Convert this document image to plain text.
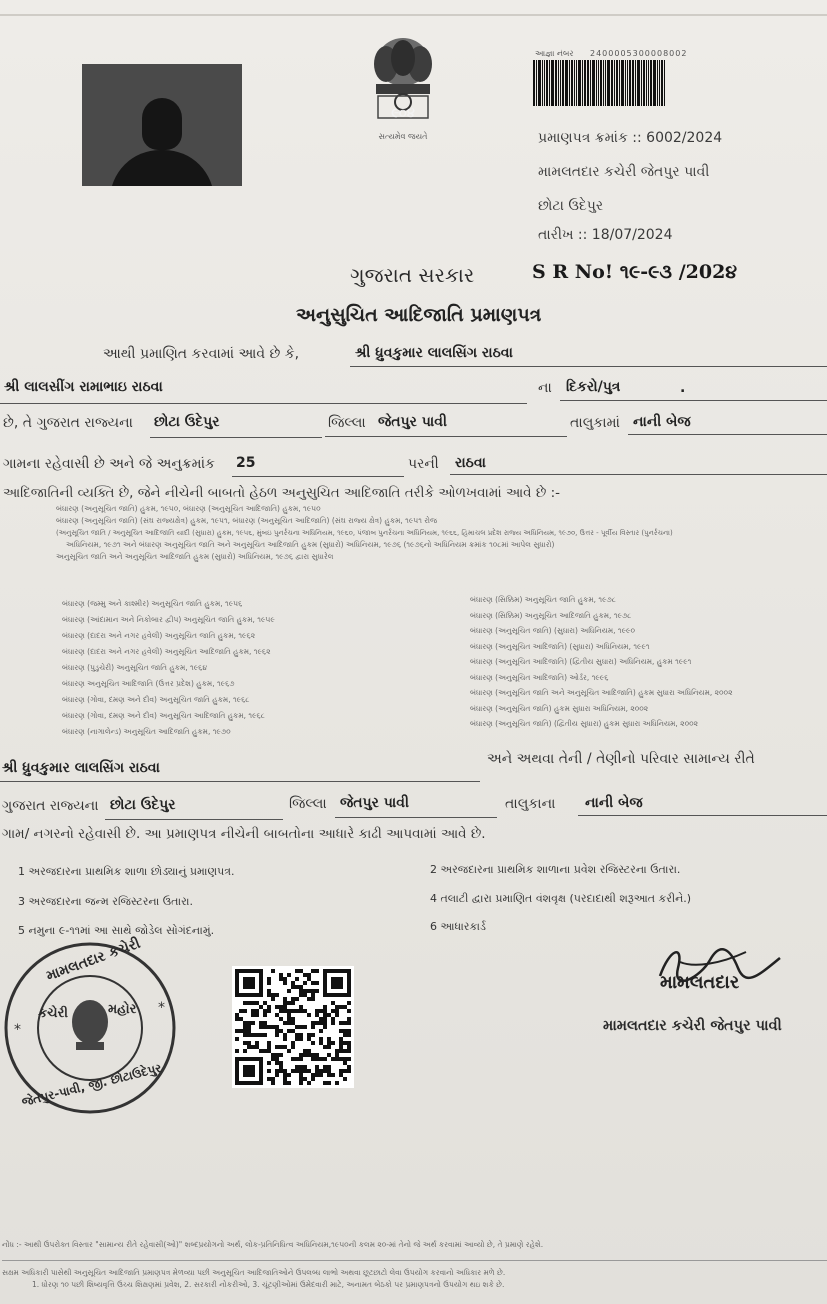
૯૦૪
સત્યમેવ જયતે
આજ્ઞા નંબર 2400005300008002
પ્રમાણપત્ર ક્રમાંક :: 6002/2024
મામલતદાર કચેરી જેતપુર પાવી
છોટા ઉદેપુર
તારીખ :: 18/07/2024
ગુજરાત સરકાર	S R No! ૧૯-૯૩ /202૪
અનુસુચિત આદિજાતિ પ્રમાણપત્ર
આથી પ્રમાણિત કરવામાં આવે છે કે,	શ્રી ધ્રુવકુમાર લાલસિંગ રાઠવા
શ્રી લાલસીંગ રામાભાઇ રાઠવા	ના દિકરો/પુત્ર	.
છે, તે ગુજરાત રાજ્યના છોટા ઉદેપુર	જિલ્લા જેતપુર પાવી	તાલુકામાં નાની બેજ
ગામના રહેવાસી છે અને જે અનુક્રમાંક 25	પરની રાઠવા
આદિજાતિની વ્યક્તિ છે, જેને નીચેની બાબતો હેઠળ અનુસુચિત આદિજાતિ તરીકે ઓળખવામાં આવે છે :-
બંધારણ (અનુસૂચિત જાતિ) હુકમ, ૧૯૫૦, બંધારણ (અનુસૂચિત આદિજાતિ) હુકમ, ૧૯૫૦
બંધારણ (અનુસૂચિત જાતિ) (સંઘ રાજ્યક્ષેત્ર) હુકમ, ૧૯૫૧, બંધારણ (અનુસૂચિત આદિજાતિ) (સંઘ રાજ્ય ક્ષેત્ર) હુકમ, ૧૯૫૧ રોજ
(અનુસૂચિત જાતિ / અનુસૂચિત આદિજાતિ યાદી (સુધારા) હુકમ, ૧૯૫૬, મુંબઇ પુનર્રચના અધિનિયમ, ૧૯૬૦, પંજાબ પુનર્રચના અધિનિયમ, ૧૯૬૬, હિમાચલ પ્રદેશ રાજ્ય અધિનિયમ, ૧૯૭૦, ઉત્તર - પૂર્વીય વિસ્તાર (પુનર્રચના)
અધિનિયમ, ૧૯૭૧ અને બંધારણ અનુસૂચિત જાતિ અને અનુસૂચિત આદિજાતિ હુકમ (સુધારો) અધિનિયમ, ૧૯૭૬ (૧૯૭૬નો અધિનિયમ ક્રમાંક ૧૦૮માં આપેલ સુધારો)
અનુસૂચિત જાતિ અને અનુસૂચિત આદિજાતિ હુકમ (સુધારો) અધિનિયમ, ૧૯૭૬ દ્વારા સુધારેલ
બંધારણ (જમ્મુ અને કાશ્મીર) અનુસૂચિત જાતિ હુકમ, ૧૯૫૬
બંધારણ (આંદામાન અને નિકોબાર દ્વીપ) અનુસૂચિત જાતિ હુકમ, ૧૯૫૯
બંધારણ (દાદરા અને નગર હવેલી) અનુસૂચિત જાતિ હુકમ, ૧૯૬૨
બંધારણ (દાદરા અને નગર હવેલી) અનુસૂચિત આદિજાતિ હુકમ, ૧૯૬૨
બંધારણ (પુડુચેરી) અનુસૂચિત જાતિ હુકમ, ૧૯૬૪
બંધારણ અનુસૂચિત આદિજાતિ (ઉત્તર પ્રદેશ) હુકમ, ૧૯૬૭
બંધારણ (ગોવા, દમણ અને દીવ) અનુસૂચિત જાતિ હુકમ, ૧૯૬૮
બંધારણ (ગોવા, દમણ અને દીવ) અનુસૂચિત આદિજાતિ હુકમ, ૧૯૬૮
બંધારણ (નાગાલેન્ડ) અનુસૂચિત આદિજાતિ હુકમ, ૧૯૭૦
બંધારણ (સિક્કિમ) અનુસૂચિત જાતિ હુકમ, ૧૯૭૮
બંધારણ (સિક્કિમ) અનુસૂચિત આદિજાતિ હુકમ, ૧૯૭૮
બંધારણ (અનુસૂચિત જાતિ) (સુધારા) અધિનિયમ, ૧૯૯૦
બંધારણ (અનુસૂચિત આદિજાતિ) (સુધારા) અધિનિયમ, ૧૯૯૧
બંધારણ (અનુસૂચિત આદિજાતિ) (દ્વિતીય સુધારા) અધિનિયમ, હુકમ ૧૯૯૧
બંધારણ (અનુસૂચિત આદિજાતિ) ઓર્ડર, ૧૯૯૬
બંધારણ (અનુસૂચિત જાતિ અને અનુસૂચિત આદિજાતિ) હુકમ સુધારા અધિનિયમ, ૨૦૦૨
બંધારણ (અનુસૂચિત જાતિ) હુકમ સુધારા અધિનિયમ, ૨૦૦૨
બંધારણ (અનુસૂચિત જાતિ) (દ્વિતીય સુધારા) હુકમ સુધારા અધિનિયમ, ૨૦૦૨
શ્રી ધ્રુવકુમાર લાલસિંગ રાઠવા
અને અથવા તેની / તેણીનો પરિવાર સામાન્ય રીતે
ગુજરાત રાજ્યના છોટા ઉદેપુર	જિલ્લા જેતપુર પાવી	તાલુકાના નાની બેજ
ગામ/ નગરનો રહેવાસી છે. આ પ્રમાણપત્ર નીચેની બાબતોના આધારે કાઢી આપવામાં આવે છે.
1 અરજદારના પ્રાથમિક શાળા છોડ્યાનું પ્રમાણપત્ર.	2 અરજદારના પ્રાથમિક શાળાના પ્રવેશ રજિસ્ટરના ઉતારા.
3 અરજદારના જન્મ રજિસ્ટરના ઉતારા.	4 તલાટી દ્વારા પ્રમાણિત વંશવૃક્ષ (પરદાદાથી શરૂઆત કરીને.)
5 નમુના ૯-૧૧માં આ સાથે જોડેલ સોગંદનામું.	6 આધારકાર્ડ
*
*
મામલતદાર કચેરી
કચેરી	મહોર
જેતપુર-પાવી, જી. છોટાઉદેપુર
મામલતદાર
મામલતદાર કચેરી જેતપુર પાવી
નોંધ :- આથી ઉપરોક્ત વિસ્તાર "સામાન્ય રીતે રહેવાસી(ઓ)" શબ્દપ્રયોગનો અર્થ, લોક-પ્રતિનિધિત્વ અધિનિયમ,૧૯૫૦ની કલમ ૨૦-માં તેનો જે અર્થ કરવામાં આવ્યો છે, તે પ્રમાણે રહેશે.
સક્ષમ અધિકારી પાસેથી અનુસૂચિત આદિજાતિ પ્રમાણપત્ર મેળવ્યા પછી અનુસૂચિત આદિજાતિઓને ઉપલબ્ધ લાભો અથવા છૂટછાટો લેવા ઉપયોગ કરવાનો અધિકાર મળે છે.
1. ધોરણ ૧૦ પછી શિષ્યવૃત્તિ ઉચ્ચ શિક્ષણમાં પ્રવેશ, 2. સરકારી નોકરીઓ, 3. ચૂંટણીઓમાં ઉમેદવારી માટે, અનામત બેઠકો પર પ્રમાણપત્રનો ઉપયોગ થઇ શકે છે.
